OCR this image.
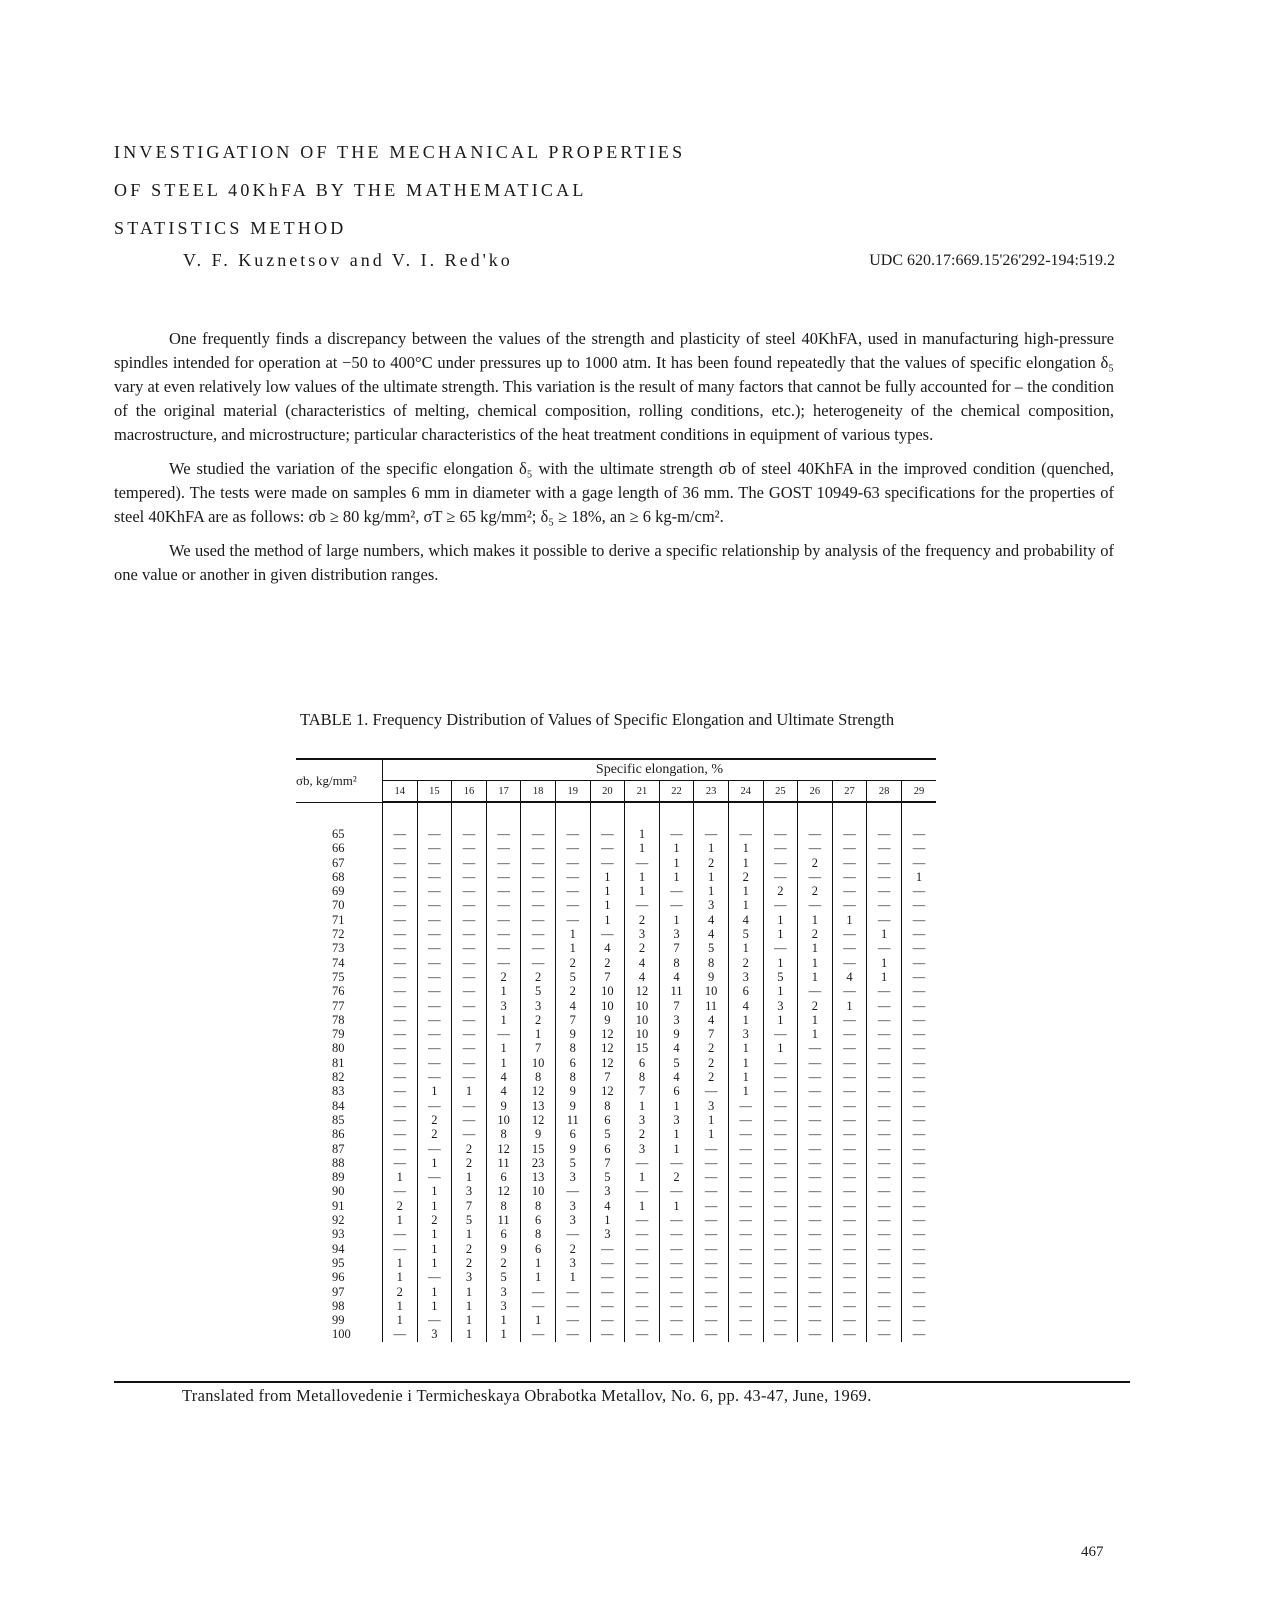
INVESTIGATION OF THE MECHANICAL PROPERTIES
OF STEEL 40KhFA BY THE MATHEMATICAL
STATISTICS METHOD
V. F. Kuznetsov and V. I. Red'ko	UDC 620.17:669.15'26'292-194:519.2

One frequently finds a discrepancy between the values of the strength and plasticity of steel 40KhFA, used in manufacturing high-pressure spindles intended for operation at −50 to 400°C under pressures up to 1000 atm. It has been found repeatedly that the values of specific elongation δ₅ vary at even relatively low values of the ultimate strength. This variation is the result of many factors that cannot be fully accounted for – the condition of the original material (characteristics of melting, chemical composition, rolling conditions, etc.); heterogeneity of the chemical composition, macrostructure, and microstructure; particular characteristics of the heat treatment conditions in equipment of various types.

We studied the variation of the specific elongation δ₅ with the ultimate strength σb of steel 40KhFA in the improved condition (quenched, tempered). The tests were made on samples 6 mm in diameter with a gage length of 36 mm. The GOST 10949-63 specifications for the properties of steel 40KhFA are as follows: σb ≥ 80 kg/mm², σT ≥ 65 kg/mm²; δ₅ ≥ 18%, an ≥ 6 kg-m/cm².

We used the method of large numbers, which makes it possible to derive a specific relationship by analysis of the frequency and probability of one value or another in given distribution ranges.

TABLE 1. Frequency Distribution of Values of Specific Elongation and Ultimate Strength
σb, kg/mm²	Specific elongation, %															
	14	15	16	17	18	19	20	21	22	23	24	25	26	27	28	29

65	—	—	—	—	—	—	—	1	—	—	—	—	—	—	—	—
66	—	—	—	—	—	—	—	1	1	1	1	—	—	—	—	—
67	—	—	—	—	—	—	—	—	1	2	1	—	2	—	—	—
68	—	—	—	—	—	—	1	1	1	1	2	—	—	—	—	1
69	—	—	—	—	—	—	1	1	—	1	1	2	2	—	—	—
70	—	—	—	—	—	—	1	—	—	3	1	—	—	—	—	—
71	—	—	—	—	—	—	1	2	1	4	4	1	1	1	—	—
72	—	—	—	—	—	1	—	3	3	4	5	1	2	—	1	—
73	—	—	—	—	—	1	4	2	7	5	1	—	1	—	—	—
74	—	—	—	—	—	2	2	4	8	8	2	1	1	—	1	—
75	—	—	—	2	2	5	7	4	4	9	3	5	1	4	1	—
76	—	—	—	1	5	2	10	12	11	10	6	1	—	—	—	—
77	—	—	—	3	3	4	10	10	7	11	4	3	2	1	—	—
78	—	—	—	1	2	7	9	10	3	4	1	1	1	—	—	—
79	—	—	—	—	1	9	12	10	9	7	3	—	1	—	—	—
80	—	—	—	1	7	8	12	15	4	2	1	1	—	—	—	—
81	—	—	—	1	10	6	12	6	5	2	1	—	—	—	—	—
82	—	—	—	4	8	8	7	8	4	2	1	—	—	—	—	—
83	—	1	1	4	12	9	12	7	6	—	1	—	—	—	—	—
84	—	—	—	9	13	9	8	1	1	3	—	—	—	—	—	—
85	—	2	—	10	12	11	6	3	3	1	—	—	—	—	—	—
86	—	2	—	8	9	6	5	2	1	1	—	—	—	—	—	—
87	—	—	2	12	15	9	6	3	1	—	—	—	—	—	—	—
88	—	1	2	11	23	5	7	—	—	—	—	—	—	—	—	—
89	1	—	1	6	13	3	5	1	2	—	—	—	—	—	—	—
90	—	1	3	12	10	—	3	—	—	—	—	—	—	—	—	—
91	2	1	7	8	8	3	4	1	1	—	—	—	—	—	—	—
92	1	2	5	11	6	3	1	—	—	—	—	—	—	—	—	—
93	—	1	1	6	8	—	3	—	—	—	—	—	—	—	—	—
94	—	1	2	9	6	2	—	—	—	—	—	—	—	—	—	—
95	1	1	2	2	1	3	—	—	—	—	—	—	—	—	—	—
96	1	—	3	5	1	1	—	—	—	—	—	—	—	—	—	—
97	2	1	1	3	—	—	—	—	—	—	—	—	—	—	—	—
98	1	1	1	3	—	—	—	—	—	—	—	—	—	—	—	—
99	1	—	1	1	1	—	—	—	—	—	—	—	—	—	—	—
100	—	3	1	1	—	—	—	—	—	—	—	—	—	—	—	—
Translated from Metallovedenie i Termicheskaya Obrabotka Metallov, No. 6, pp. 43-47, June, 1969.
467
